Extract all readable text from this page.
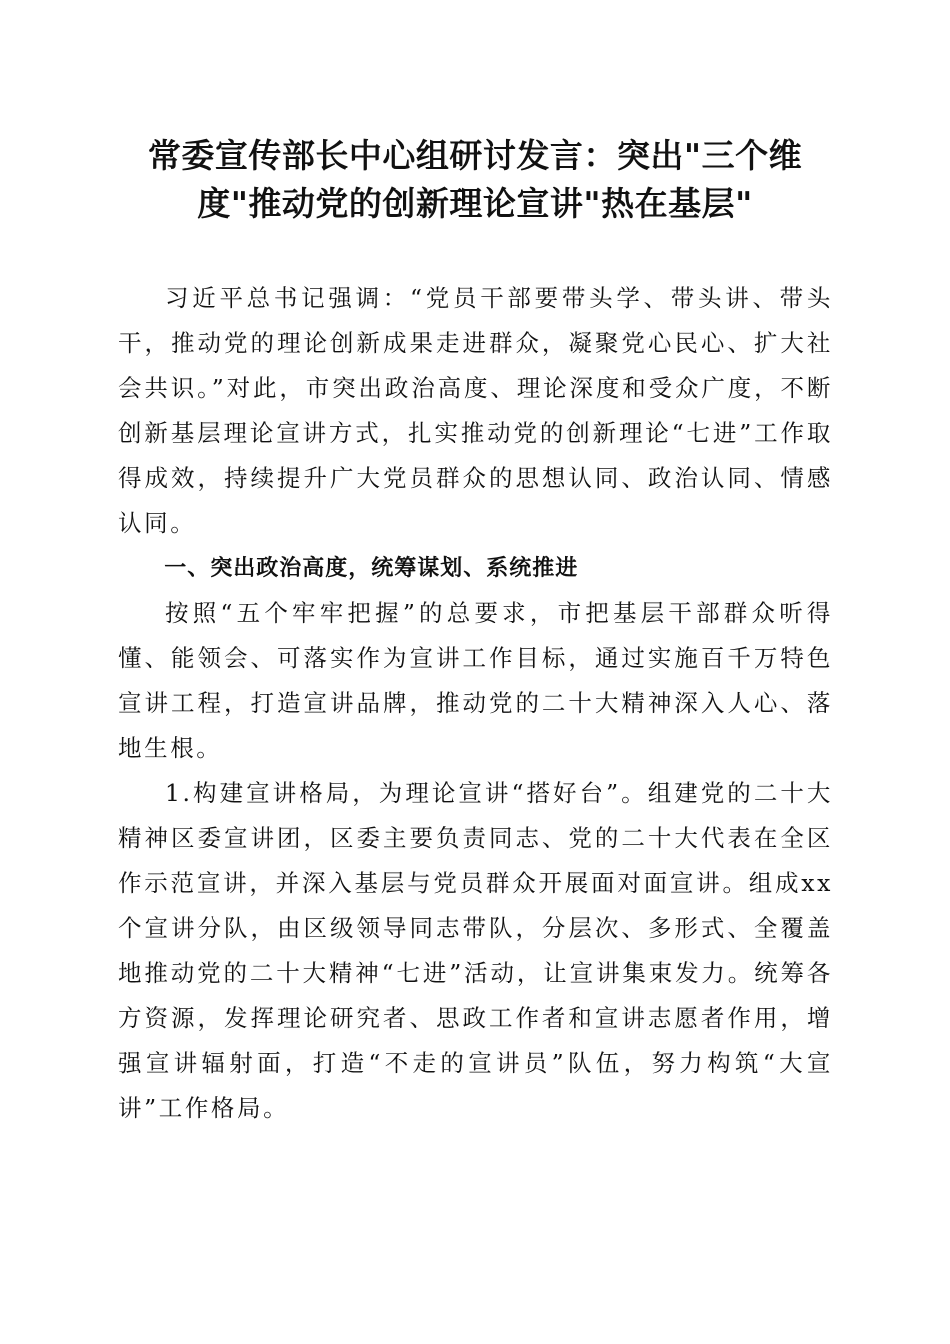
常委宣传部长中心组研讨发言：突出"三个维
度"推动党的创新理论宣讲"热在基层"

习近平总书记强调：“党员干部要带头学、带头讲、带头干，推动党的理论创新成果走进群众，凝聚党心民心、扩大社会共识。”对此，市突出政治高度、理论深度和受众广度，不断创新基层理论宣讲方式，扎实推动党的创新理论“七进”工作取得成效，持续提升广大党员群众的思想认同、政治认同、情感认同。

一、突出政治高度，统筹谋划、系统推进

按照“五个牢牢把握”的总要求，市把基层干部群众听得懂、能领会、可落实作为宣讲工作目标，通过实施百千万特色宣讲工程，打造宣讲品牌，推动党的二十大精神深入人心、落地生根。

1.构建宣讲格局，为理论宣讲“搭好台”。组建党的二十大精神区委宣讲团，区委主要负责同志、党的二十大代表在全区作示范宣讲，并深入基层与党员群众开展面对面宣讲。组成xx个宣讲分队，由区级领导同志带队，分层次、多形式、全覆盖地推动党的二十大精神“七进”活动，让宣讲集束发力。统筹各方资源，发挥理论研究者、思政工作者和宣讲志愿者作用，增强宣讲辐射面，打造“不走的宣讲员”队伍，努力构筑“大宣讲”工作格局。
